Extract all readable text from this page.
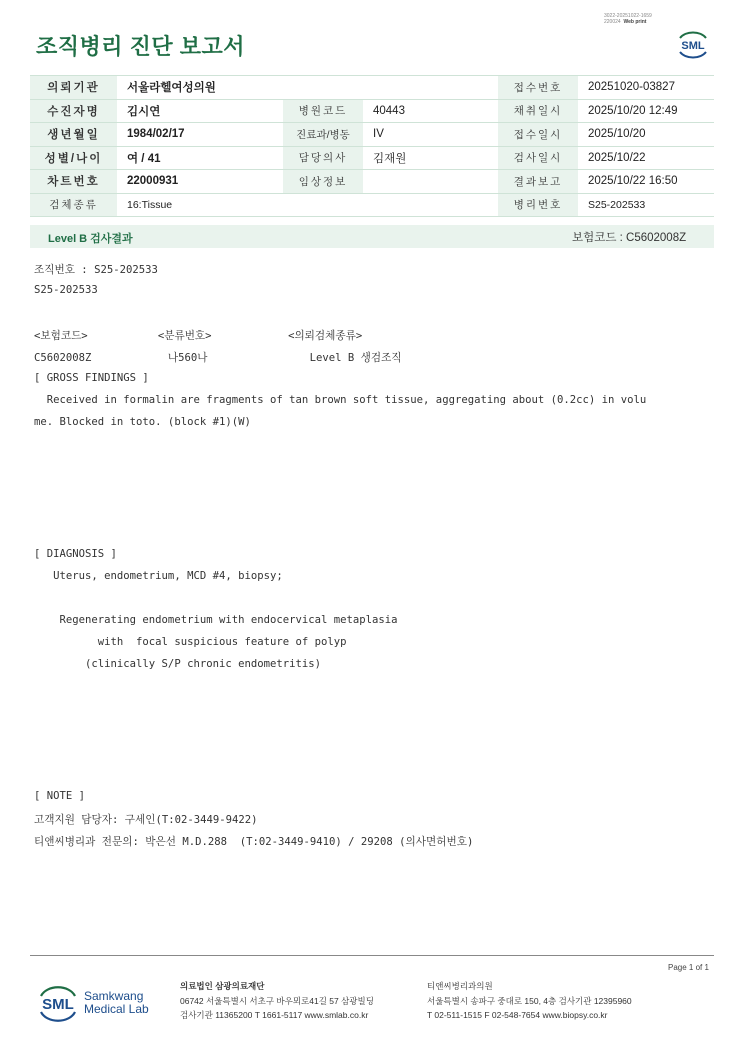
조직병리 진단 보고서
3022-20251022-1659
220024 Web print
SML
의뢰기관	서울라헬여성의원			접수번호	20251020-03827
수진자명	김시연	병원코드	40443	채취일시	2025/10/20 12:49
생년월일	1984/02/17	진료과/병동	IV	접수일시	2025/10/20
성별/나이	여 / 41	담당의사	김재원	검사일시	2025/10/22
차트번호	22000931	임상정보		결과보고	2025/10/22 16:50
검체종류	16:Tissue			병리번호	S25-202533
Level B 검사결과	보험코드 : C5602008Z
조직번호 : S25-202533
S25-202533
<보험코드>           <분류번호>            <의뢰검체종류>
C5602008Z            나560나                Level B 생검조직
[ GROSS FINDINGS ]
Received in formalin are fragments of tan brown soft tissue, aggregating about (0.2cc) in volu
me. Blocked in toto. (block #1)(W)
[ DIAGNOSIS ]
Uterus, endometrium, MCD #4, biopsy;
Regenerating endometrium with endocervical metaplasia
with  focal suspicious feature of polyp
(clinically S/P chronic endometritis)
[ NOTE ]
고객지원 담당자: 구세인(T:02-3449-9422)
티앤씨병리과 전문의: 박은선 M.D.288  (T:02-3449-9410) / 29208 (의사면허번호)
Page 1 of 1
SML Samkwang
Medical Lab
의료법인 삼광의료재단
06742 서울특별시 서초구 바우뫼로41길 57 삼광빌딩
검사기관 11365200 T 1661-5117 www.smlab.co.kr
티앤씨병리과의원
서울특별시 송파구 중대로 150, 4층 검사기관 12395960
T 02-511-1515 F 02-548-7654 www.biopsy.co.kr
